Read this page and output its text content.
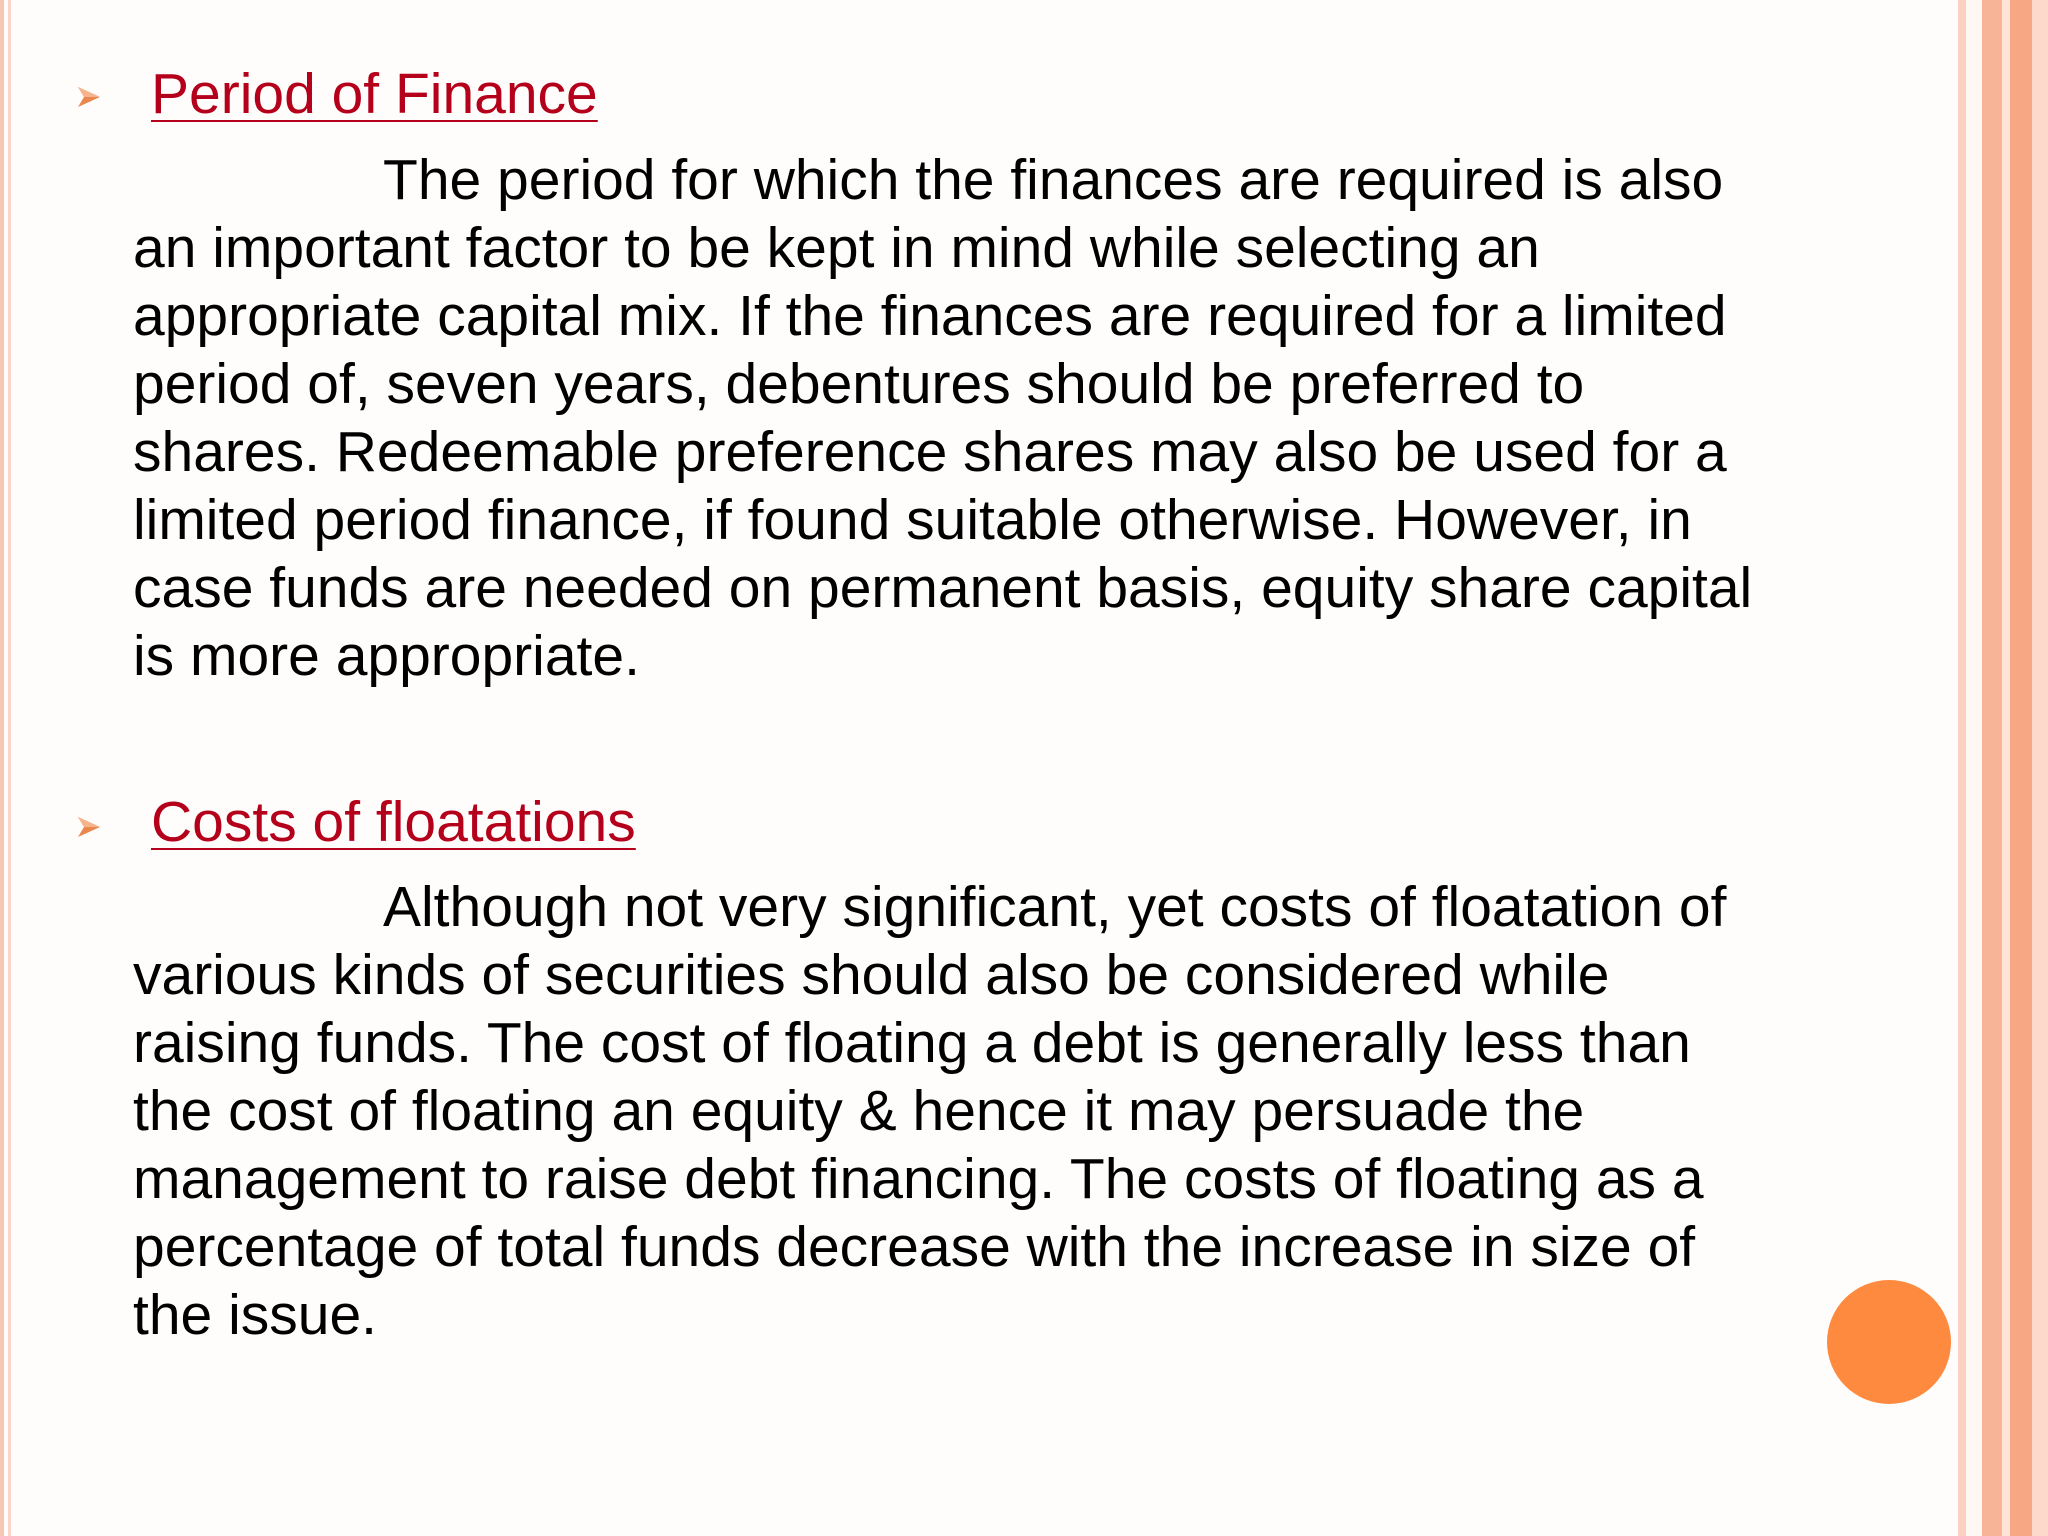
Period of Finance
The period for which the finances are required is also
an important factor to be kept in mind while selecting an
appropriate capital mix. If the finances are required for a limited
period of, seven years, debentures should be preferred to
shares. Redeemable preference shares may also be used for a
limited period finance, if found suitable otherwise. However, in
case funds are needed on permanent basis, equity share capital
is more appropriate.
Costs of floatations
Although not very significant, yet costs of floatation of
various kinds of securities should also be considered while
raising funds. The cost of floating a debt is generally less than
the cost of floating an equity & hence it may persuade the
management to raise debt financing. The costs of floating as a
percentage of total funds decrease with the increase in size of
the issue.
